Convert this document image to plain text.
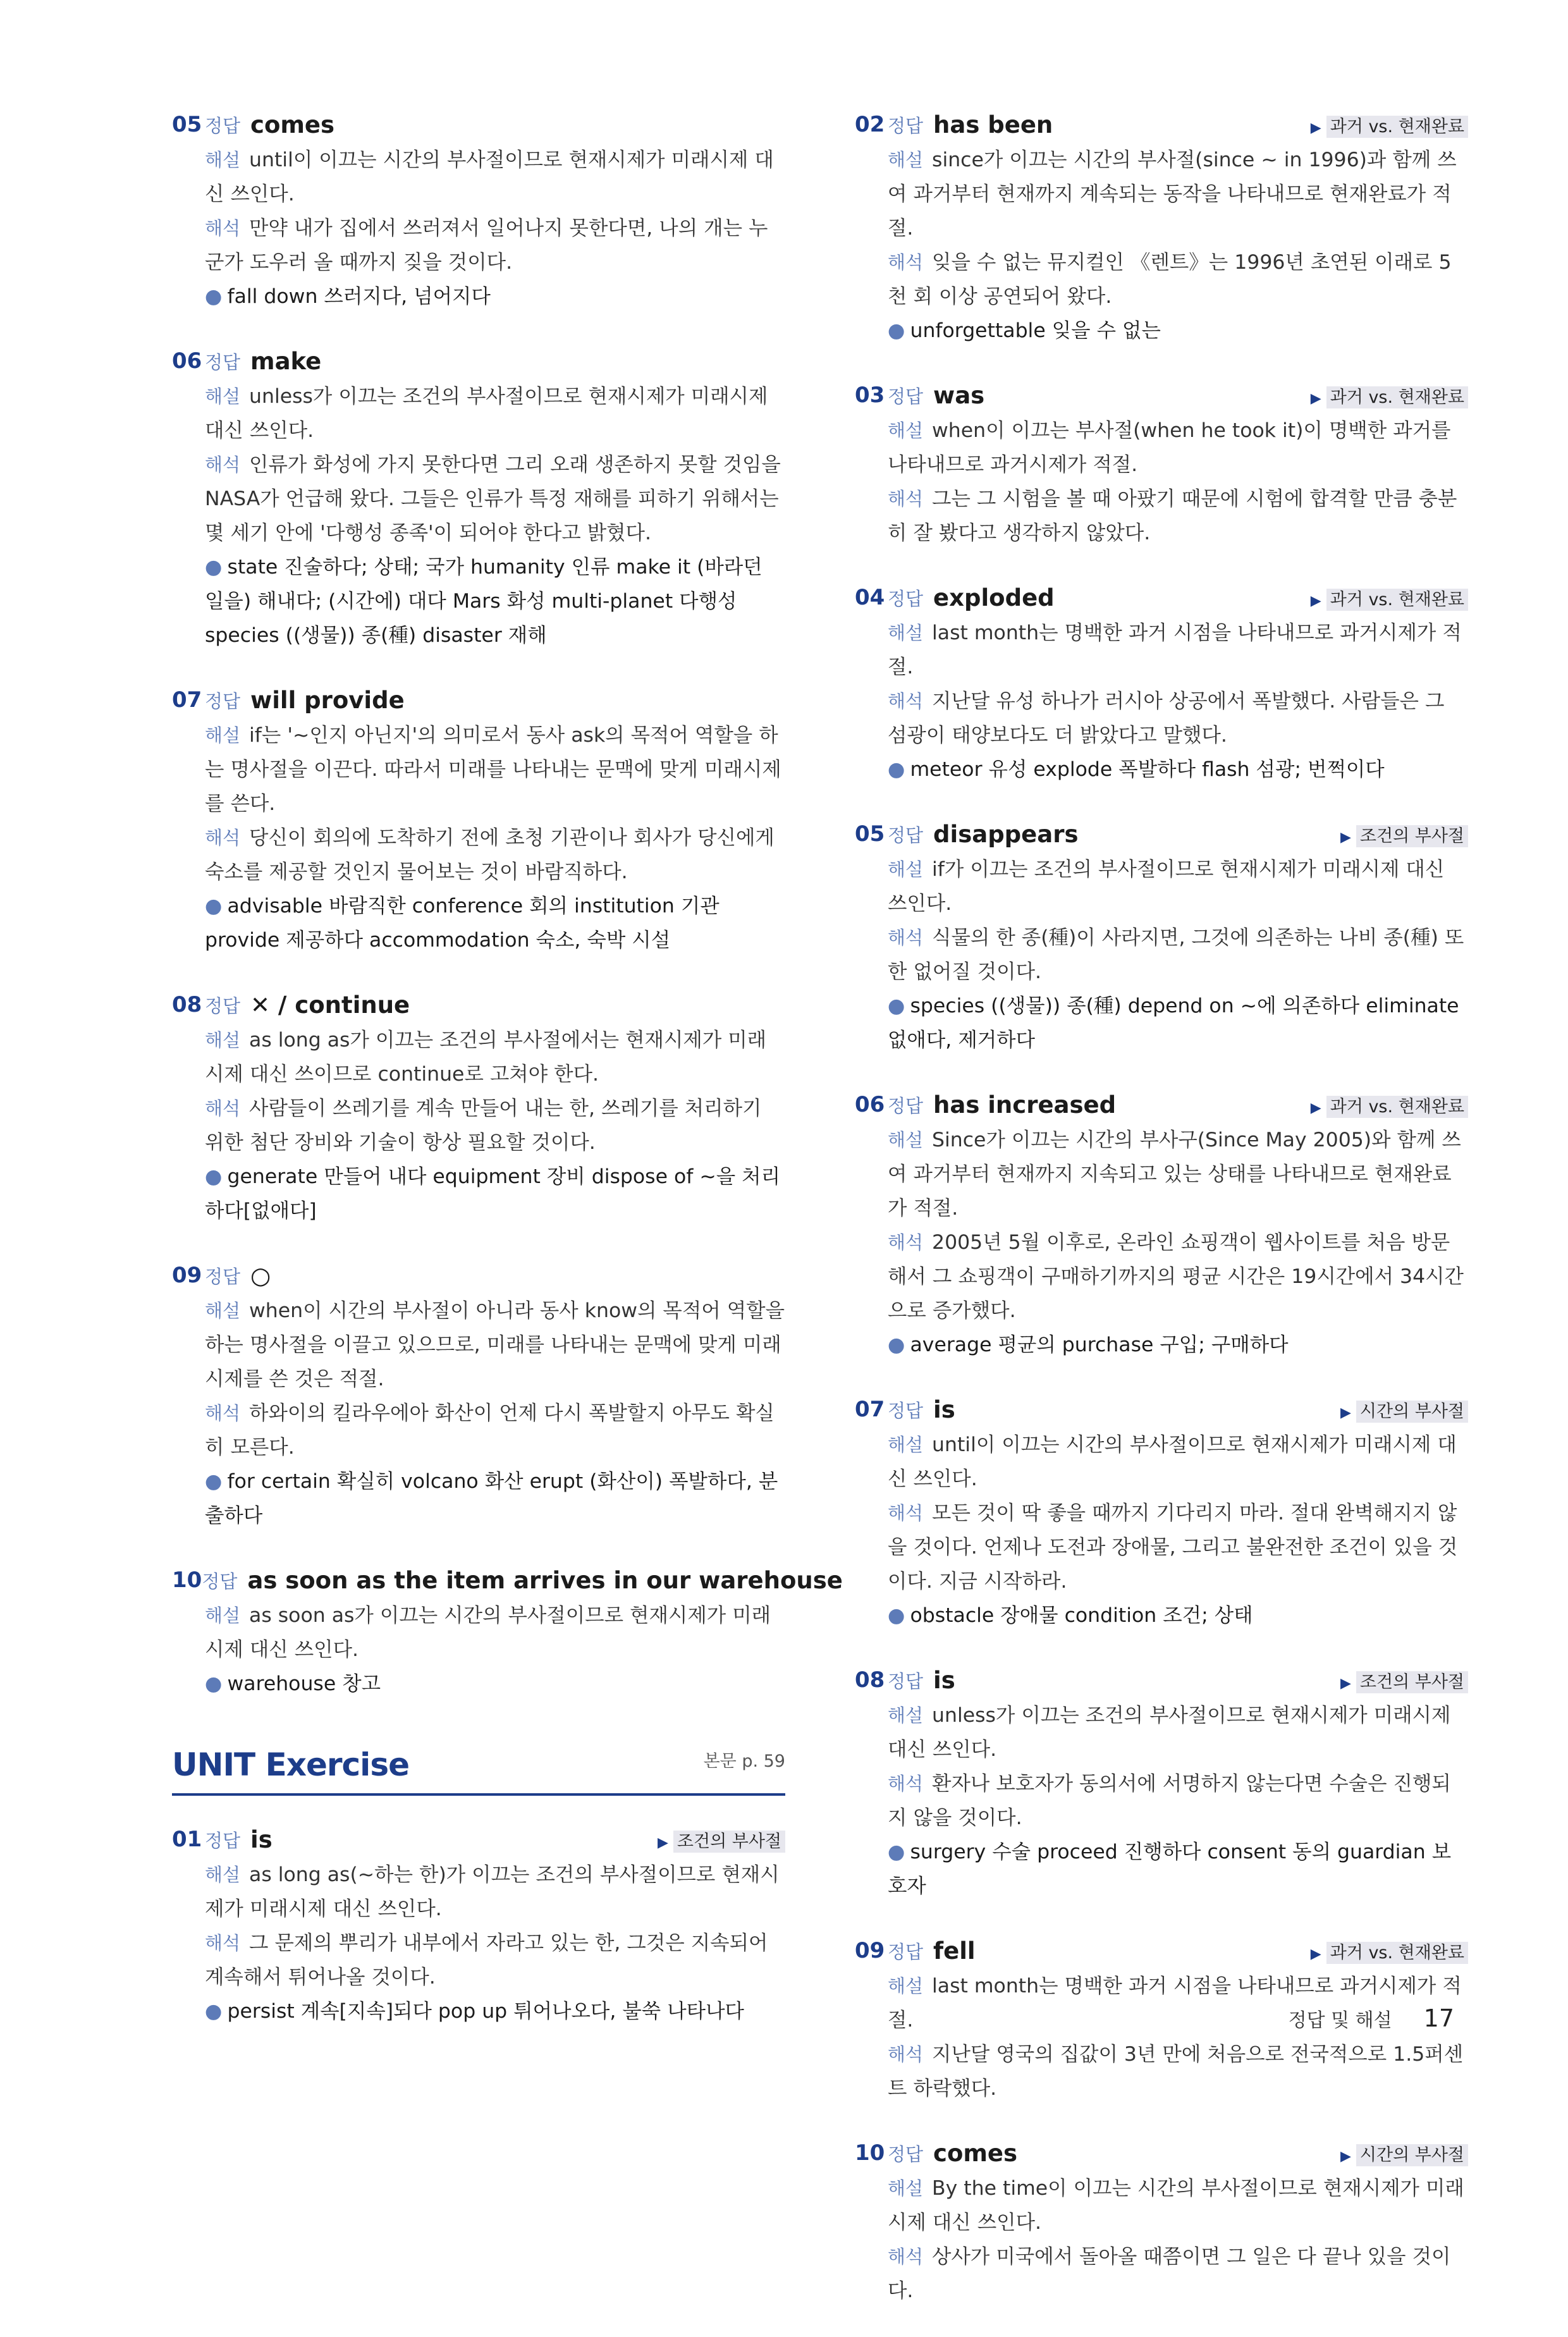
05 정답 comes
해설 until이 이끄는 시간의 부사절이므로 현재시제가 미래시제 대신 쓰인다.
해석 만약 내가 집에서 쓰러져서 일어나지 못한다면, 나의 개는 누군가 도우러 올 때까지 짖을 것이다.
● fall down 쓰러지다, 넘어지다
06 정답 make
해설 unless가 이끄는 조건의 부사절이므로 현재시제가 미래시제 대신 쓰인다.
해석 인류가 화성에 가지 못한다면 그리 오래 생존하지 못할 것임을 NASA가 언급해 왔다. 그들은 인류가 특정 재해를 피하기 위해서는 몇 세기 안에 '다행성 종족'이 되어야 한다고 밝혔다.
● state 진술하다; 상태; 국가 humanity 인류 make it (바라던 일을) 해내다; (시간에) 대다 Mars 화성 multi-planet 다행성 species ((생물)) 종(種) disaster 재해
07 정답 will provide
해설 if는 '~인지 아닌지'의 의미로서 동사 ask의 목적어 역할을 하는 명사절을 이끈다. 따라서 미래를 나타내는 문맥에 맞게 미래시제를 쓴다.
해석 당신이 회의에 도착하기 전에 초청 기관이나 회사가 당신에게 숙소를 제공할 것인지 물어보는 것이 바람직하다.
● advisable 바람직한 conference 회의 institution 기관 provide 제공하다 accommodation 숙소, 숙박 시설
08 정답 ✕ / continue
해설 as long as가 이끄는 조건의 부사절에서는 현재시제가 미래시제 대신 쓰이므로 continue로 고쳐야 한다.
해석 사람들이 쓰레기를 계속 만들어 내는 한, 쓰레기를 처리하기 위한 첨단 장비와 기술이 항상 필요할 것이다.
● generate 만들어 내다 equipment 장비 dispose of ~을 처리하다[없애다]
09 정답 ○
해설 when이 시간의 부사절이 아니라 동사 know의 목적어 역할을 하는 명사절을 이끌고 있으므로, 미래를 나타내는 문맥에 맞게 미래시제를 쓴 것은 적절.
해석 하와이의 킬라우에아 화산이 언제 다시 폭발할지 아무도 확실히 모른다.
● for certain 확실히 volcano 화산 erupt (화산이) 폭발하다, 분출하다
10 정답 as soon as the item arrives in our warehouse
해설 as soon as가 이끄는 시간의 부사절이므로 현재시제가 미래시제 대신 쓰인다.
● warehouse 창고
UNIT Exercise	본문 p. 59
01 정답 is	▶ 조건의 부사절
해설 as long as(~하는 한)가 이끄는 조건의 부사절이므로 현재시제가 미래시제 대신 쓰인다.
해석 그 문제의 뿌리가 내부에서 자라고 있는 한, 그것은 지속되어 계속해서 튀어나올 것이다.
● persist 계속[지속]되다 pop up 튀어나오다, 불쑥 나타나다
02 정답 has been	▶ 과거 vs. 현재완료
해설 since가 이끄는 시간의 부사절(since ~ in 1996)과 함께 쓰여 과거부터 현재까지 계속되는 동작을 나타내므로 현재완료가 적절.
해석 잊을 수 없는 뮤지컬인 《렌트》는 1996년 초연된 이래로 5천 회 이상 공연되어 왔다.
● unforgettable 잊을 수 없는
03 정답 was	▶ 과거 vs. 현재완료
해설 when이 이끄는 부사절(when he took it)이 명백한 과거를 나타내므로 과거시제가 적절.
해석 그는 그 시험을 볼 때 아팠기 때문에 시험에 합격할 만큼 충분히 잘 봤다고 생각하지 않았다.
04 정답 exploded	▶ 과거 vs. 현재완료
해설 last month는 명백한 과거 시점을 나타내므로 과거시제가 적절.
해석 지난달 유성 하나가 러시아 상공에서 폭발했다. 사람들은 그 섬광이 태양보다도 더 밝았다고 말했다.
● meteor 유성 explode 폭발하다 flash 섬광; 번쩍이다
05 정답 disappears	▶ 조건의 부사절
해설 if가 이끄는 조건의 부사절이므로 현재시제가 미래시제 대신 쓰인다.
해석 식물의 한 종(種)이 사라지면, 그것에 의존하는 나비 종(種) 또한 없어질 것이다.
● species ((생물)) 종(種) depend on ~에 의존하다 eliminate 없애다, 제거하다
06 정답 has increased	▶ 과거 vs. 현재완료
해설 Since가 이끄는 시간의 부사구(Since May 2005)와 함께 쓰여 과거부터 현재까지 지속되고 있는 상태를 나타내므로 현재완료가 적절.
해석 2005년 5월 이후로, 온라인 쇼핑객이 웹사이트를 처음 방문해서 그 쇼핑객이 구매하기까지의 평균 시간은 19시간에서 34시간으로 증가했다.
● average 평균의 purchase 구입; 구매하다
07 정답 is	▶ 시간의 부사절
해설 until이 이끄는 시간의 부사절이므로 현재시제가 미래시제 대신 쓰인다.
해석 모든 것이 딱 좋을 때까지 기다리지 마라. 절대 완벽해지지 않을 것이다. 언제나 도전과 장애물, 그리고 불완전한 조건이 있을 것이다. 지금 시작하라.
● obstacle 장애물 condition 조건; 상태
08 정답 is	▶ 조건의 부사절
해설 unless가 이끄는 조건의 부사절이므로 현재시제가 미래시제 대신 쓰인다.
해석 환자나 보호자가 동의서에 서명하지 않는다면 수술은 진행되지 않을 것이다.
● surgery 수술 proceed 진행하다 consent 동의 guardian 보호자
09 정답 fell	▶ 과거 vs. 현재완료
해설 last month는 명백한 과거 시점을 나타내므로 과거시제가 적절.
해석 지난달 영국의 집값이 3년 만에 처음으로 전국적으로 1.5퍼센트 하락했다.
10 정답 comes	▶ 시간의 부사절
해설 By the time이 이끄는 시간의 부사절이므로 현재시제가 미래시제 대신 쓰인다.
해석 상사가 미국에서 돌아올 때쯤이면 그 일은 다 끝나 있을 것이다.
정답 및 해설 17
